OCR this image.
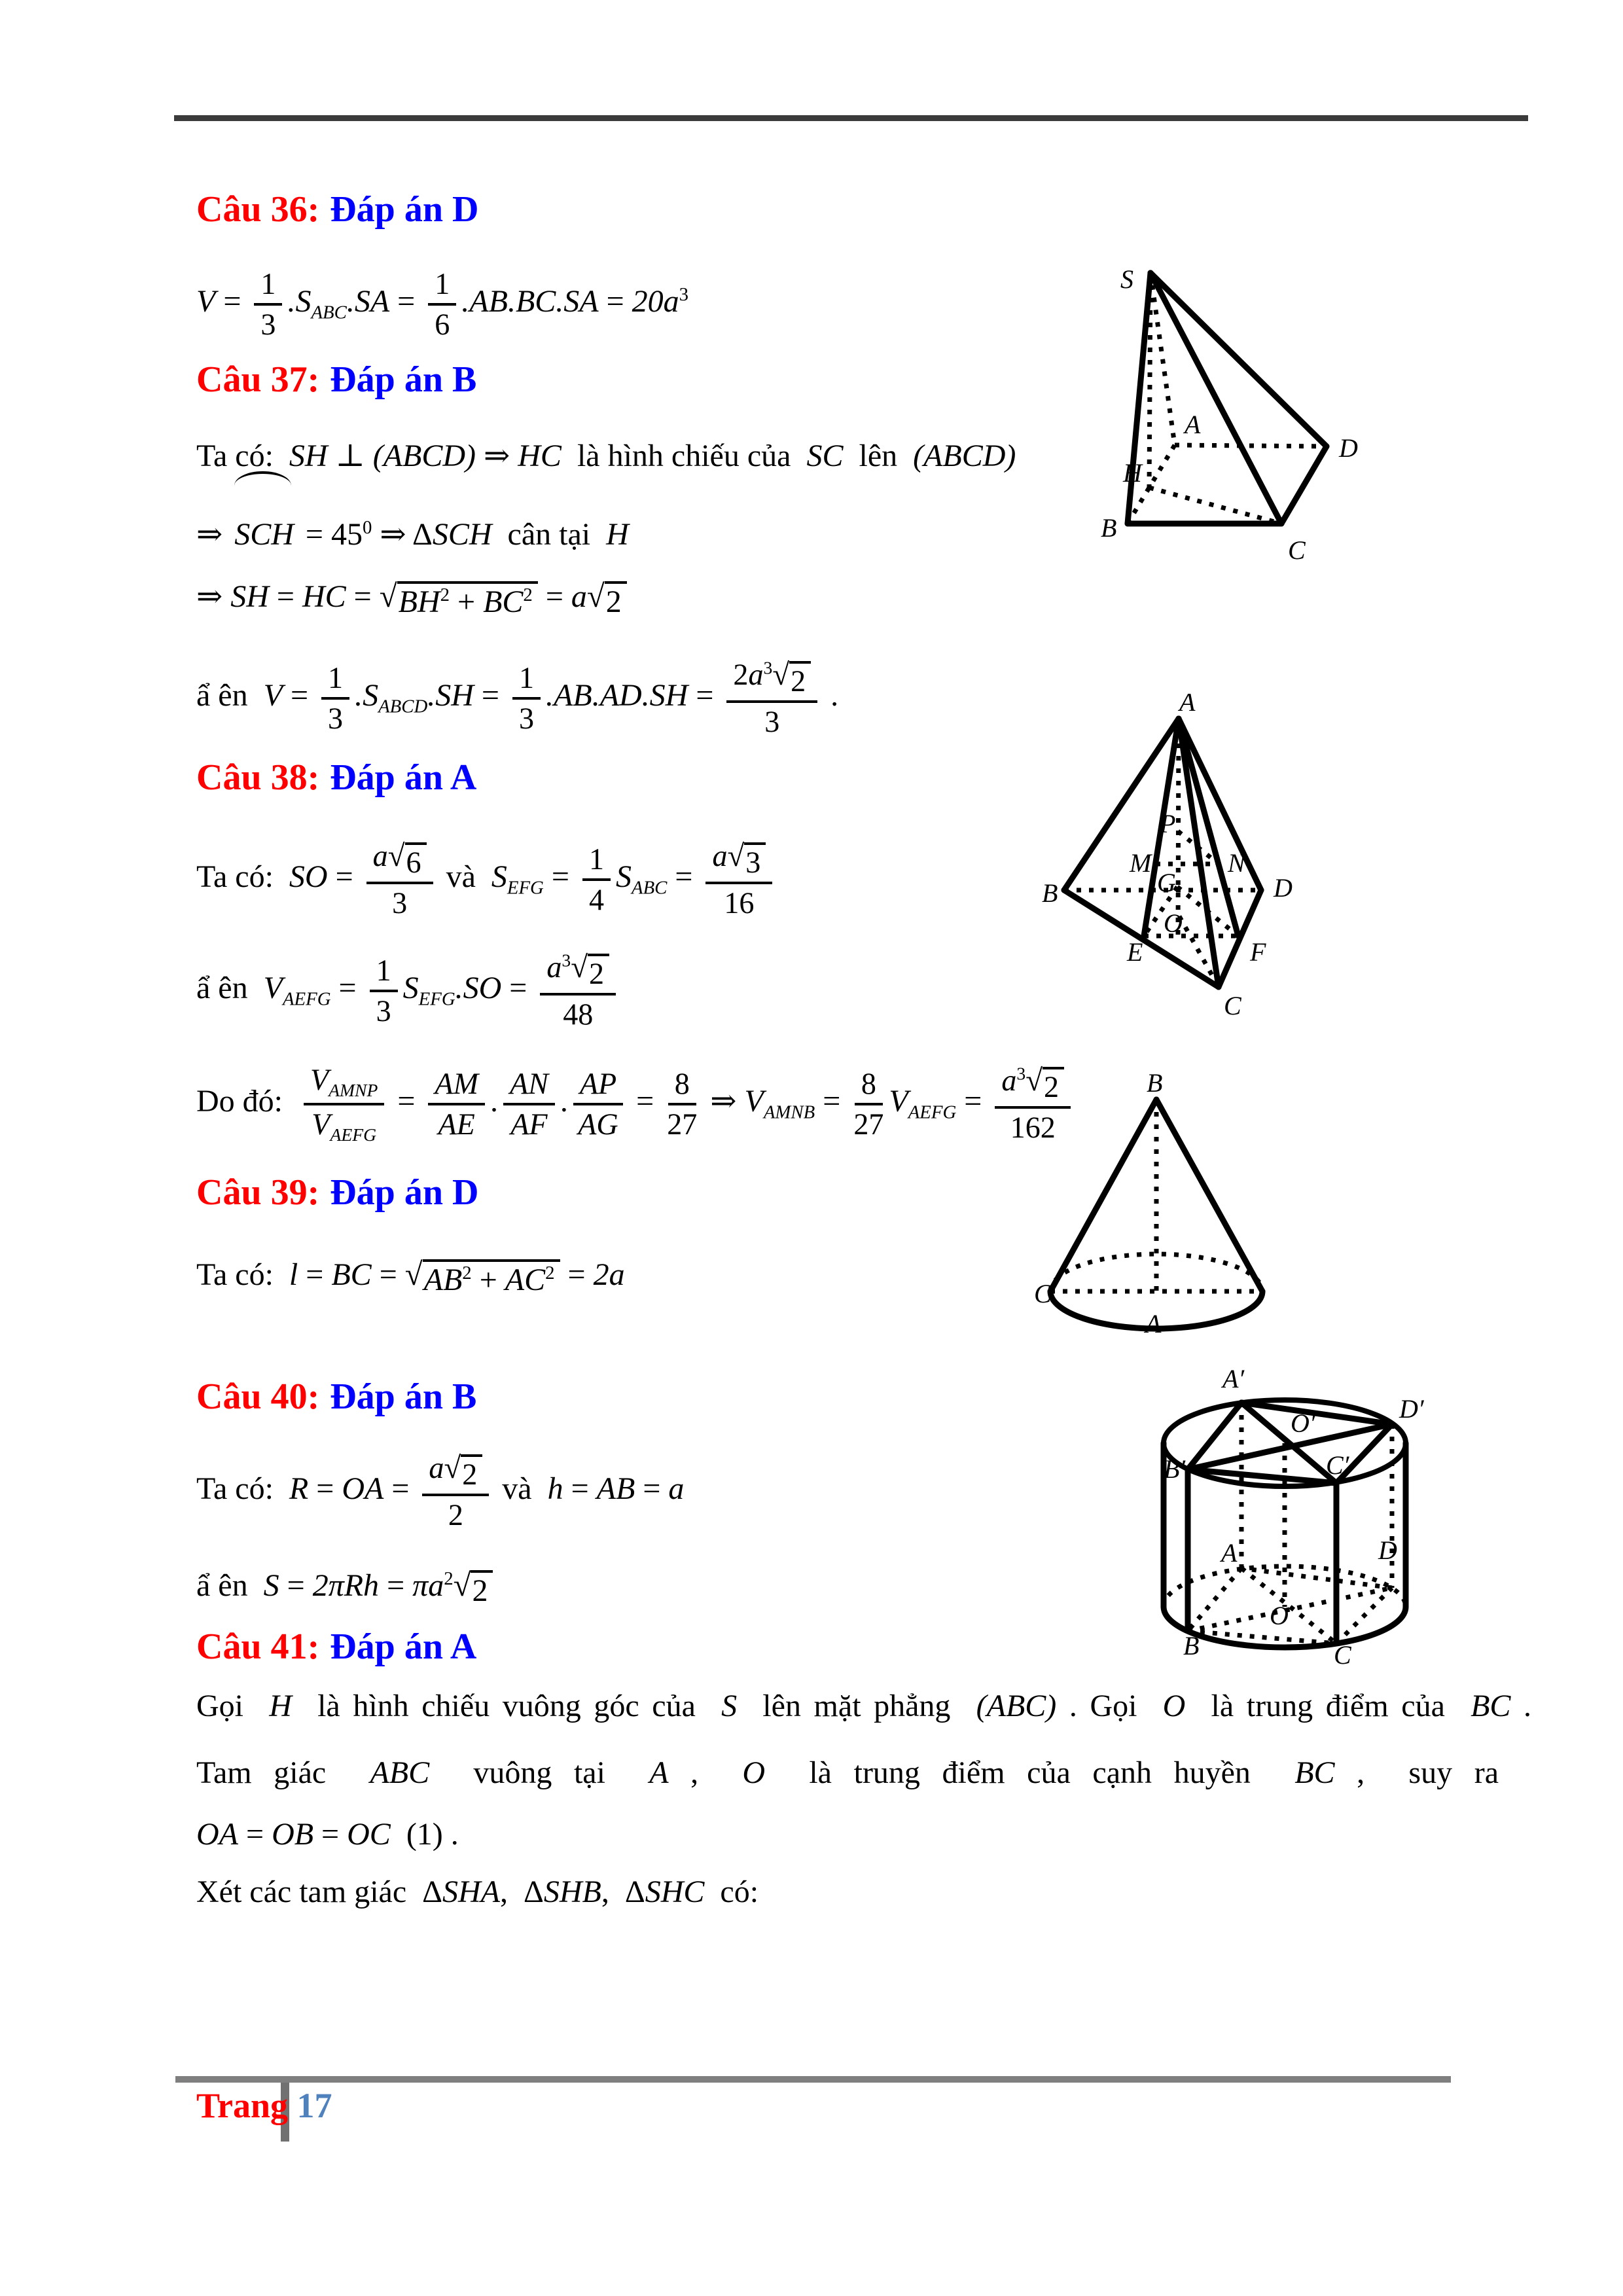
Câu 36: Đáp án D
$V = \frac{1}{3} .S_{ABC}.SA = \frac{1}{6} .AB.BC.SA = 20a^3$
Câu 37: Đáp án B
Ta có:  SH ⊥ (ABCD) ⇒ HC  là hình chiếu của  SC  lên  (ABCD)
⇒ SCH = $45^0$ ⇒ ΔSCH  cân tại  H
⇒ SH = HC = √ $BH^2 + BC^2 = a$ √ 2
ẩ ên  $V = \frac{1}{3} .S_{ABCD}.SH = \frac{1}{3} .AB.AD.SH = \frac{2a^3 √ 2}{3}$ .
Câu 38: Đáp án A
Ta có:  SO = $\frac{a √ 6}{3}$ và  $S_{EFG} = \frac{1}{4} S_{ABC} = \frac{a √ 3}{16}$
ẩ ên  $V_{AEFG} = \frac{1}{3} S_{EFG}.SO = \frac{a^3 √ 2}{48}$
Do đó: $\frac{V_{AMNP}}{V_{AEFG}} = \frac{AM}{AE}$ . $\frac{AN}{AF}$ . $\frac{AP}{AG} = \frac{8}{27}$ ⇒ $V_{AMNB} = \frac{8}{27} V_{AEFG} = \frac{a^3 √ 2}{162}$
Câu 39: Đáp án D
Ta có:  l = BC = √ $AB^2 + AC^2 = 2a$
Câu 40: Đáp án B
Ta có:  R = OA = $\frac{a √ 2}{2}$ và  h = AB = a
ẩ ên  $S = 2\pi Rh = \pi a^2$ √ 2
Câu 41: Đáp án A
Gọi  H  là hình chiếu vuông góc của  S  lên mặt phẳng  (ABC) . Gọi  O  là trung điểm của  BC .
Tam giác  ABC  vuông tại  A ,  O  là trung điểm của cạnh huyền  BC ,  suy ra
OA = OB = OC  (1) .
Xét các tam giác  ΔSHA,  ΔSHB,  ΔSHC  có:
S
A
B
C
D
H
A
B	D
C
E	F
M	N
P
G
O
B
C
A
A′
D′
B′
O′
C′
A	D
O
B	C
Trang 17
